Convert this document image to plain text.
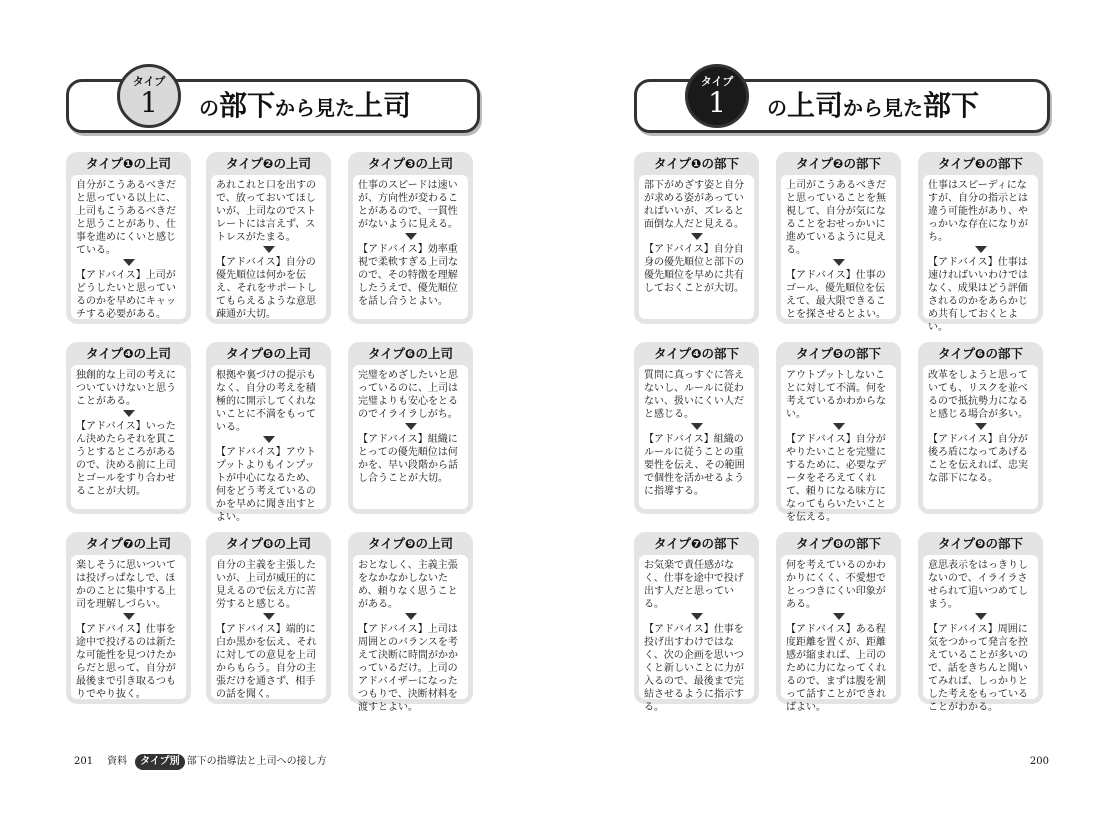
タイプ
1	の部下から見た上司
タイプ❶の上司

自分がこうあるべきだと思っている以上に、上司もこうあるべきだと思うことがあり、仕事を進めにくいと感じている。

【アドバイス】上司がどうしたいと思っているのかを早めにキャッチする必要がある。

タイプ❷の上司

あれこれと口を出すので、放っておいてほしいが、上司なのでストレートには言えず、ストレスがたまる。

【アドバイス】自分の優先順位は何かを伝え、それをサポートしてもらえるような意思疎通が大切。

タイプ❸の上司

仕事のスピードは速いが、方向性が変わることがあるので、一貫性がないように見える。

【アドバイス】効率重視で柔軟すぎる上司なので、その特徴を理解したうえで、優先順位を話し合うとよい。

タイプ❹の上司

独創的な上司の考えについていけないと思うことがある。

【アドバイス】いったん決めたらそれを貫こうとするところがあるので、決める前に上司とゴールをすり合わせることが大切。

タイプ❺の上司

根拠や裏づけの提示もなく、自分の考えを積極的に開示してくれないことに不満をもっている。

【アドバイス】アウトプットよりもインプットが中心になるため、何をどう考えているのかを早めに聞き出すとよい。

タイプ❻の上司

完璧をめざしたいと思っているのに、上司は完璧よりも安心をとるのでイライラしがち。

【アドバイス】組織にとっての優先順位は何かを、早い段階から話し合うことが大切。

タイプ❼の上司

楽しそうに思いついては投げっぱなしで、ほかのことに集中する上司を理解しづらい。

【アドバイス】仕事を途中で投げるのは新たな可能性を見つけたからだと思って、自分が最後まで引き取るつもりでやり抜く。

タイプ❽の上司

自分の主義を主張したいが、上司が威圧的に見えるので伝え方に苦労すると感じる。

【アドバイス】端的に白か黒かを伝え、それに対しての意見を上司からもらう。自分の主張だけを通さず、相手の話を聞く。

タイプ❾の上司

おとなしく、主義主張をなかなかしないため、頼りなく思うことがある。

【アドバイス】上司は周囲とのバランスを考えて決断に時間がかかっているだけ。上司のアドバイザーになったつもりで、決断材料を渡すとよい。

201 資料 タイプ別 部下の指導法と上司への接し方
タイプ
1	の上司から見た部下
タイプ❶の部下

部下がめざす姿と自分が求める姿があっていればいいが、ズレると面倒な人だと見える。

【アドバイス】自分自身の優先順位と部下の優先順位を早めに共有しておくことが大切。

タイプ❷の部下

上司がこうあるべきだと思っていることを無視して、自分が気になることをおせっかいに進めているように見える。

【アドバイス】仕事のゴール、優先順位を伝えて、最大限できることを探させるとよい。

タイプ❸の部下

仕事はスピーディになすが、自分の指示とは違う可能性があり、やっかいな存在になりがち。

【アドバイス】仕事は速ければいいわけではなく、成果はどう評価されるのかをあらかじめ共有しておくとよい。

タイプ❹の部下

質問に真っすぐに答えないし、ルールに従わない、扱いにくい人だと感じる。

【アドバイス】組織のルールに従うことの重要性を伝え、その範囲で個性を活かせるように指導する。

タイプ❺の部下

アウトプットしないことに対して不満。何を考えているかわからない。

【アドバイス】自分がやりたいことを完璧にするために、必要なデータをそろえてくれて、頼りになる味方になってもらいたいことを伝える。

タイプ❻の部下

改革をしようと思っていても、リスクを並べるので抵抗勢力になると感じる場合が多い。

【アドバイス】自分が後ろ盾になってあげることを伝えれば、忠実な部下になる。

タイプ❼の部下

お気楽で責任感がなく、仕事を途中で投げ出す人だと思っている。

【アドバイス】仕事を投げ出すわけではなく、次の企画を思いつくと新しいことに力が入るので、最後まで完結させるように指示する。

タイプ❽の部下

何を考えているのかわかりにくく、不愛想でとっつきにくい印象がある。

【アドバイス】ある程度距離を置くが、距離感が縮まれば、上司のために力になってくれるので、まずは腹を割って話すことができればよい。

タイプ❾の部下

意思表示をはっきりしないので、イライラさせられて追いつめてしまう。

【アドバイス】周囲に気をつかって発言を控えていることが多いので、話をきちんと聞いてみれば、しっかりとした考えをもっていることがわかる。

200
